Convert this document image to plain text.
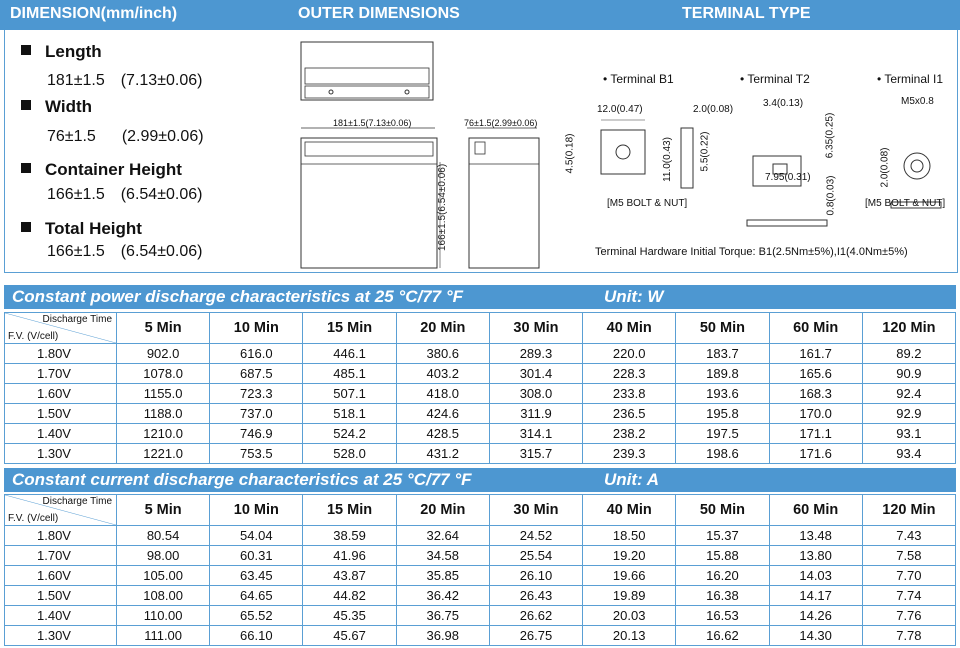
DIMENSION(mm/inch)	OUTER DIMENSIONS	TERMINAL TYPE
Length
181±1.5 (7.13±0.06)
Width
76±1.5 (2.99±0.06)
Container Height
166±1.5 (6.54±0.06)
Total Height
166±1.5 (6.54±0.06)
166±1.5(6.54±0.06)
181±1.5(7.13±0.06)	76±1.5(2.99±0.06)
• Terminal B1	• Terminal T2	• Terminal I1
12.0(0.47)	2.0(0.08)
4.5(0.18)	11.0(0.43)	5.5(0.22)
[M5 BOLT & NUT]
3.4(0.13)
6.35(0.25)
7.95(0.31) 0.8(0.03)
M5x0.8
2.0(0.08)
[M5 BOLT & NUT]
Terminal Hardware Initial Torque: B1(2.5Nm±5%),I1(4.0Nm±5%)
Constant power discharge characteristics at 25 °C/77 °F	Unit: W
Discharge Time
F.V. (V/cell)	5 Min	10 Min	15 Min	20 Min	30 Min	40 Min	50 Min	60 Min	120 Min
1.80V	902.0	616.0	446.1	380.6	289.3	220.0	183.7	161.7	89.2
1.70V	1078.0	687.5	485.1	403.2	301.4	228.3	189.8	165.6	90.9
1.60V	1155.0	723.3	507.1	418.0	308.0	233.8	193.6	168.3	92.4
1.50V	1188.0	737.0	518.1	424.6	311.9	236.5	195.8	170.0	92.9
1.40V	1210.0	746.9	524.2	428.5	314.1	238.2	197.5	171.1	93.1
1.30V	1221.0	753.5	528.0	431.2	315.7	239.3	198.6	171.6	93.4
Constant current discharge characteristics at 25 °C/77 °F	Unit: A
Discharge Time
F.V. (V/cell)	5 Min	10 Min	15 Min	20 Min	30 Min	40 Min	50 Min	60 Min	120 Min
1.80V	80.54	54.04	38.59	32.64	24.52	18.50	15.37	13.48	7.43
1.70V	98.00	60.31	41.96	34.58	25.54	19.20	15.88	13.80	7.58
1.60V	105.00	63.45	43.87	35.85	26.10	19.66	16.20	14.03	7.70
1.50V	108.00	64.65	44.82	36.42	26.43	19.89	16.38	14.17	7.74
1.40V	110.00	65.52	45.35	36.75	26.62	20.03	16.53	14.26	7.76
1.30V	111.00	66.10	45.67	36.98	26.75	20.13	16.62	14.30	7.78
